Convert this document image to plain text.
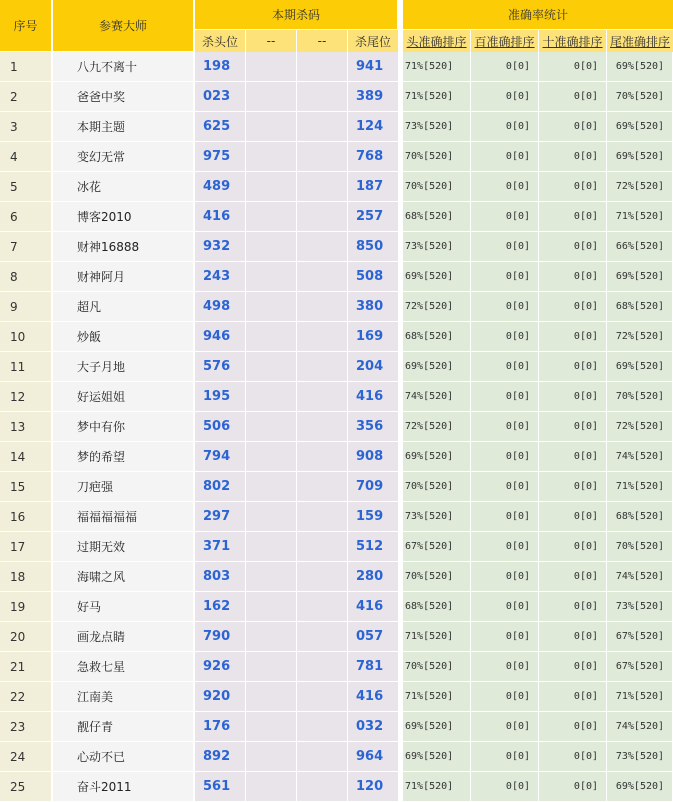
序号	参赛大师	本期杀码					准确率统计			
		杀头位	--	--	杀尾位		头准确排序	百准确排序	十准确排序	尾准确排序
1	八九不离十	198			941		71%[520]	0[0]	0[0]	69%[520]
2	爸爸中奖	023			389		71%[520]	0[0]	0[0]	70%[520]
3	本期主题	625			124		73%[520]	0[0]	0[0]	69%[520]
4	变幻无常	975			768		70%[520]	0[0]	0[0]	69%[520]
5	冰花	489			187		70%[520]	0[0]	0[0]	72%[520]
6	博客2010	416			257		68%[520]	0[0]	0[0]	71%[520]
7	财神16888	932			850		73%[520]	0[0]	0[0]	66%[520]
8	财神阿月	243			508		69%[520]	0[0]	0[0]	69%[520]
9	超凡	498			380		72%[520]	0[0]	0[0]	68%[520]
10	炒飯	946			169		68%[520]	0[0]	0[0]	72%[520]
11	大子月地	576			204		69%[520]	0[0]	0[0]	69%[520]
12	好运姐姐	195			416		74%[520]	0[0]	0[0]	70%[520]
13	梦中有你	506			356		72%[520]	0[0]	0[0]	72%[520]
14	梦的希望	794			908		69%[520]	0[0]	0[0]	74%[520]
15	刀疤强	802			709		70%[520]	0[0]	0[0]	71%[520]
16	福福福福福	297			159		73%[520]	0[0]	0[0]	68%[520]
17	过期无效	371			512		67%[520]	0[0]	0[0]	70%[520]
18	海啸之风	803			280		70%[520]	0[0]	0[0]	74%[520]
19	好马	162			416		68%[520]	0[0]	0[0]	73%[520]
20	画龙点睛	790			057		71%[520]	0[0]	0[0]	67%[520]
21	急救七星	926			781		70%[520]	0[0]	0[0]	67%[520]
22	江南美	920			416		71%[520]	0[0]	0[0]	71%[520]
23	靓仔青	176			032		69%[520]	0[0]	0[0]	74%[520]
24	心动不已	892			964		69%[520]	0[0]	0[0]	73%[520]
25	奋斗2011	561			120		71%[520]	0[0]	0[0]	69%[520]
